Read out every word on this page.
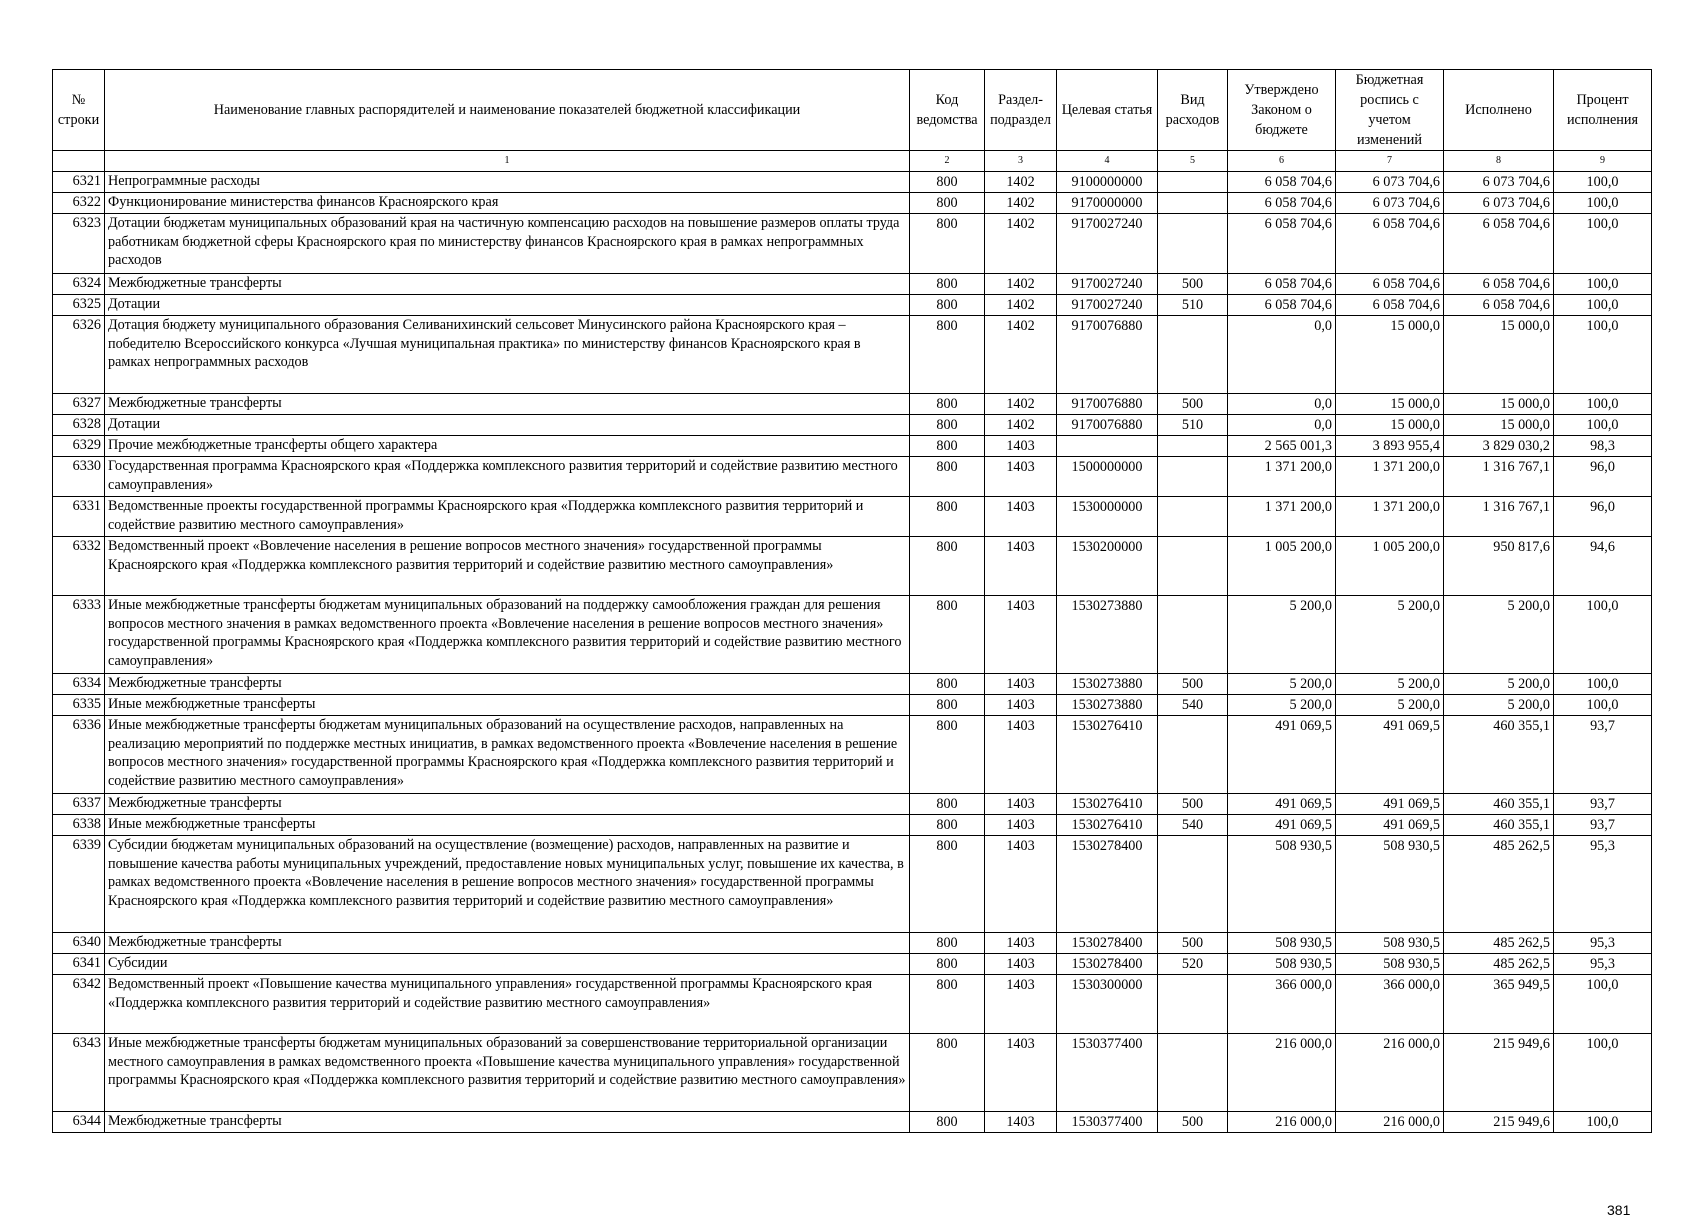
№ строки	Наименование главных распорядителей и наименование показателей бюджетной классификации	Код ведомства	Раздел-подраздел	Целевая статья	Вид расходов	Утверждено Законом о бюджете	Бюджетная роспись с учетом изменений	Исполнено	Процент исполнения
	1	2	3	4	5	6	7	8	9
6321	Непрограммные расходы	800	1402	9100000000		6 058 704,6	6 073 704,6	6 073 704,6	100,0
6322	Функционирование министерства финансов Красноярского края	800	1402	9170000000		6 058 704,6	6 073 704,6	6 073 704,6	100,0
6323	Дотации бюджетам муниципальных образований края на частичную компенсацию расходов на повышение размеров оплаты труда работникам бюджетной сферы Красноярского края по министерству финансов Красноярского края в рамках непрограммных расходов	800	1402	9170027240		6 058 704,6	6 058 704,6	6 058 704,6	100,0
6324	Межбюджетные трансферты	800	1402	9170027240	500	6 058 704,6	6 058 704,6	6 058 704,6	100,0
6325	Дотации	800	1402	9170027240	510	6 058 704,6	6 058 704,6	6 058 704,6	100,0
6326	Дотация бюджету муниципального образования Селиванихинский сельсовет Минусинского района Красноярского края – победителю Всероссийского конкурса «Лучшая муниципальная практика» по министерству финансов Красноярского края в рамках непрограммных расходов	800	1402	9170076880		0,0	15 000,0	15 000,0	100,0
6327	Межбюджетные трансферты	800	1402	9170076880	500	0,0	15 000,0	15 000,0	100,0
6328	Дотации	800	1402	9170076880	510	0,0	15 000,0	15 000,0	100,0
6329	Прочие межбюджетные трансферты общего характера	800	1403			2 565 001,3	3 893 955,4	3 829 030,2	98,3
6330	Государственная программа Красноярского края «Поддержка комплексного развития территорий и содействие развитию местного самоуправления»	800	1403	1500000000		1 371 200,0	1 371 200,0	1 316 767,1	96,0
6331	Ведомственные проекты государственной программы Красноярского края «Поддержка комплексного развития территорий и содействие развитию местного самоуправления»	800	1403	1530000000		1 371 200,0	1 371 200,0	1 316 767,1	96,0
6332	Ведомственный проект «Вовлечение населения в решение вопросов местного значения» государственной программы Красноярского края «Поддержка комплексного развития территорий и содействие развитию местного самоуправления»	800	1403	1530200000		1 005 200,0	1 005 200,0	950 817,6	94,6
6333	Иные межбюджетные трансферты бюджетам муниципальных образований на поддержку самообложения граждан для решения вопросов местного значения в рамках ведомственного проекта «Вовлечение населения в решение вопросов местного значения» государственной программы Красноярского края «Поддержка комплексного развития территорий и содействие развитию местного самоуправления»	800	1403	1530273880		5 200,0	5 200,0	5 200,0	100,0
6334	Межбюджетные трансферты	800	1403	1530273880	500	5 200,0	5 200,0	5 200,0	100,0
6335	Иные межбюджетные трансферты	800	1403	1530273880	540	5 200,0	5 200,0	5 200,0	100,0
6336	Иные межбюджетные трансферты бюджетам муниципальных образований на осуществление расходов, направленных на реализацию мероприятий по поддержке местных инициатив, в рамках ведомственного проекта «Вовлечение населения в решение вопросов местного значения» государственной программы Красноярского края «Поддержка комплексного развития территорий и содействие развитию местного самоуправления»	800	1403	1530276410		491 069,5	491 069,5	460 355,1	93,7
6337	Межбюджетные трансферты	800	1403	1530276410	500	491 069,5	491 069,5	460 355,1	93,7
6338	Иные межбюджетные трансферты	800	1403	1530276410	540	491 069,5	491 069,5	460 355,1	93,7
6339	Субсидии бюджетам муниципальных образований на осуществление (возмещение) расходов, направленных на развитие и повышение качества работы муниципальных учреждений, предоставление новых муниципальных услуг, повышение их качества, в рамках ведомственного проекта «Вовлечение населения в решение вопросов местного значения» государственной программы Красноярского края «Поддержка комплексного развития территорий и содействие развитию местного самоуправления»	800	1403	1530278400		508 930,5	508 930,5	485 262,5	95,3
6340	Межбюджетные трансферты	800	1403	1530278400	500	508 930,5	508 930,5	485 262,5	95,3
6341	Субсидии	800	1403	1530278400	520	508 930,5	508 930,5	485 262,5	95,3
6342	Ведомственный проект «Повышение качества муниципального управления» государственной программы Красноярского края «Поддержка комплексного развития территорий и содействие развитию местного самоуправления»	800	1403	1530300000		366 000,0	366 000,0	365 949,5	100,0
6343	Иные межбюджетные трансферты бюджетам муниципальных образований за совершенствование территориальной организации местного самоуправления в рамках ведомственного проекта «Повышение качества муниципального управления» государственной программы Красноярского края «Поддержка комплексного развития территорий и содействие развитию местного самоуправления»	800	1403	1530377400		216 000,0	216 000,0	215 949,6	100,0
6344	Межбюджетные трансферты	800	1403	1530377400	500	216 000,0	216 000,0	215 949,6	100,0
381
